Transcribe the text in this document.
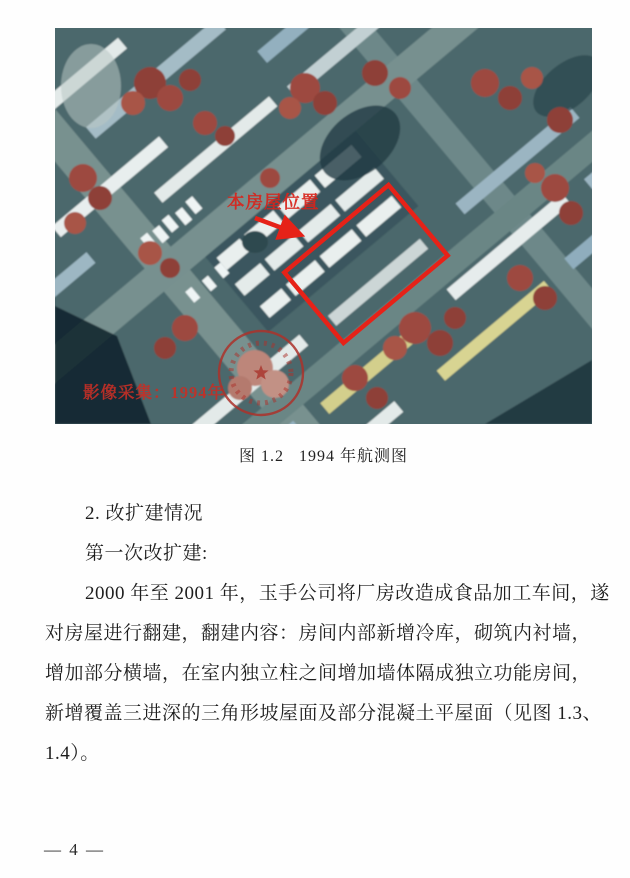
本房屋位置
影像采集：1994年
图 1.2   1994 年航测图
2. 改扩建情况
第一次改扩建:
2000 年至 2001 年，玉手公司将厂房改造成食品加工车间，遂
对房屋进行翻建，翻建内容：房间内部新增冷库，砌筑内衬墙，
增加部分横墙，在室内独立柱之间增加墙体隔成独立功能房间，
新增覆盖三进深的三角形坡屋面及部分混凝土平屋面（见图 1.3、
1.4）。
— 4 —
